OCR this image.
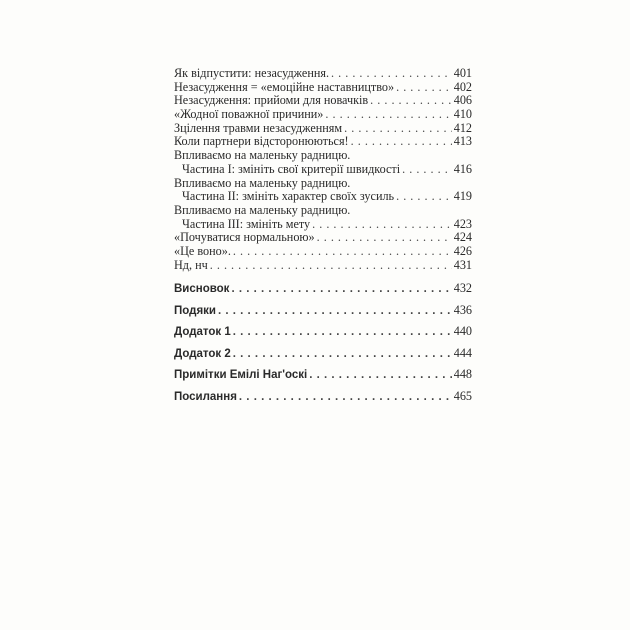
Як відпустити: незасудження. . . .	401
Незасудження = «емоційне наставництво» . . .	402
Незасудження: прийоми для новачків . . .	406
«Жодної поважної причини» . . .	410
Зцілення травми незасудженням . . .	412
Коли партнери відсторонюються! . . .	413
Впливаємо на маленьку радницю.
Частина I: змініть свої критерії швидкості . . .	416
Впливаємо на маленьку радницю.
Частина II: змініть характер своїх зусиль . . .	419
Впливаємо на маленьку радницю.
Частина III: змініть мету . . .	423
«Почуватися нормальною» . . .	424
«Це воно». . . .	426
Нд, нч . . .	431
Висновок . . .	432
Подяки . . .	436
Додаток 1 . . .	440
Додаток 2 . . .	444
Примітки Емілі Наг'оскі . . .	448
Посилання . . .	465
